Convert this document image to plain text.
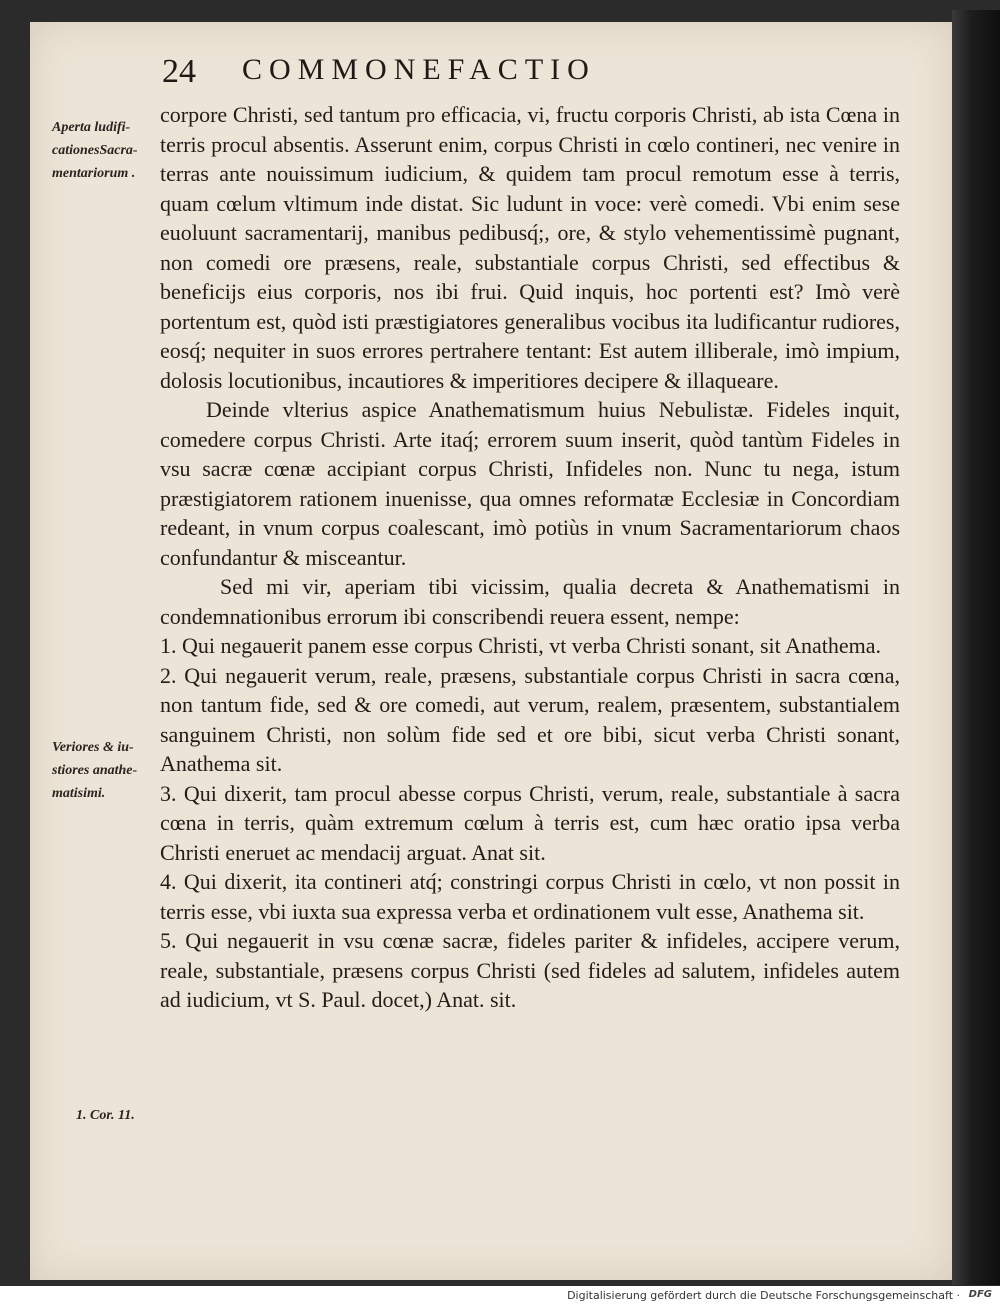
24 COMMONEFACTIO
Aperta ludifi-
cationesSacra-
mentariorum .
Veriores & iu-
stiores anathe-
matisimi.
1. Cor. 11.

corpore Christi, sed tantum pro efficacia, vi, fructu corporis Christi, ab ista Cœna in terris procul absentis. Asserunt enim, corpus Christi in cœlo contineri, nec venire in terras ante nouissimum iudicium, & quidem tam procul remotum esse à terris, quam cœlum vltimum inde distat. Sic ludunt in voce: verè comedi. Vbi enim sese euoluunt sacramentarij, manibus pedibusq́;, ore, & stylo vehementissimè pugnant, non comedi ore præsens, reale, substantiale corpus Christi, sed effectibus & beneficijs eius corporis, nos ibi frui. Quid inquis, hoc portenti est? Imò verè portentum est, quòd isti præstigiatores generalibus vocibus ita ludificantur rudiores, eosq́; nequiter in suos errores pertrahere tentant: Est autem illiberale, imò impium, dolosis locutionibus, incautiores & imperitiores decipere & illaqueare.

Deinde vlterius aspice Anathematismum huius Nebulistæ. Fideles inquit, comedere corpus Christi. Arte itaq́; errorem suum inserit, quòd tantùm Fideles in vsu sacræ cœnæ accipiant corpus Christi, Infideles non. Nunc tu nega, istum præstigiatorem rationem inuenisse, qua omnes reformatæ Ecclesiæ in Concordiam redeant, in vnum corpus coalescant, imò potiùs in vnum Sacramentariorum chaos confundantur & misceantur.

Sed mi vir, aperiam tibi vicissim, qualia decreta & Anathematismi in condemnationibus errorum ibi conscribendi reuera essent, nempe:

1. Qui negauerit panem esse corpus Christi, vt verba Christi sonant, sit Anathema.

2. Qui negauerit verum, reale, præsens, substantiale corpus Christi in sacra cœna, non tantum fide, sed & ore comedi, aut verum, realem, præsentem, substantialem sanguinem Christi, non solùm fide sed et ore bibi, sicut verba Christi sonant, Anathema sit.

3. Qui dixerit, tam procul abesse corpus Christi, verum, reale, substantiale à sacra cœna in terris, quàm extremum cœlum à terris est, cum hæc oratio ipsa verba Christi eneruet ac mendacij arguat. Anat sit.

4. Qui dixerit, ita contineri atq́; constringi corpus Christi in cœlo, vt non possit in terris esse, vbi iuxta sua expressa verba et ordinationem vult esse, Anathema sit.

5. Qui negauerit in vsu cœnæ sacræ, fideles pariter & infideles, accipere verum, reale, substantiale, præsens corpus Christi (sed fideles ad salutem, infideles autem ad iudicium, vt S. Paul. docet,) Anat. sit.

Digitalisierung gefördert durch die Deutsche Forschungsgemeinschaft · DFG
